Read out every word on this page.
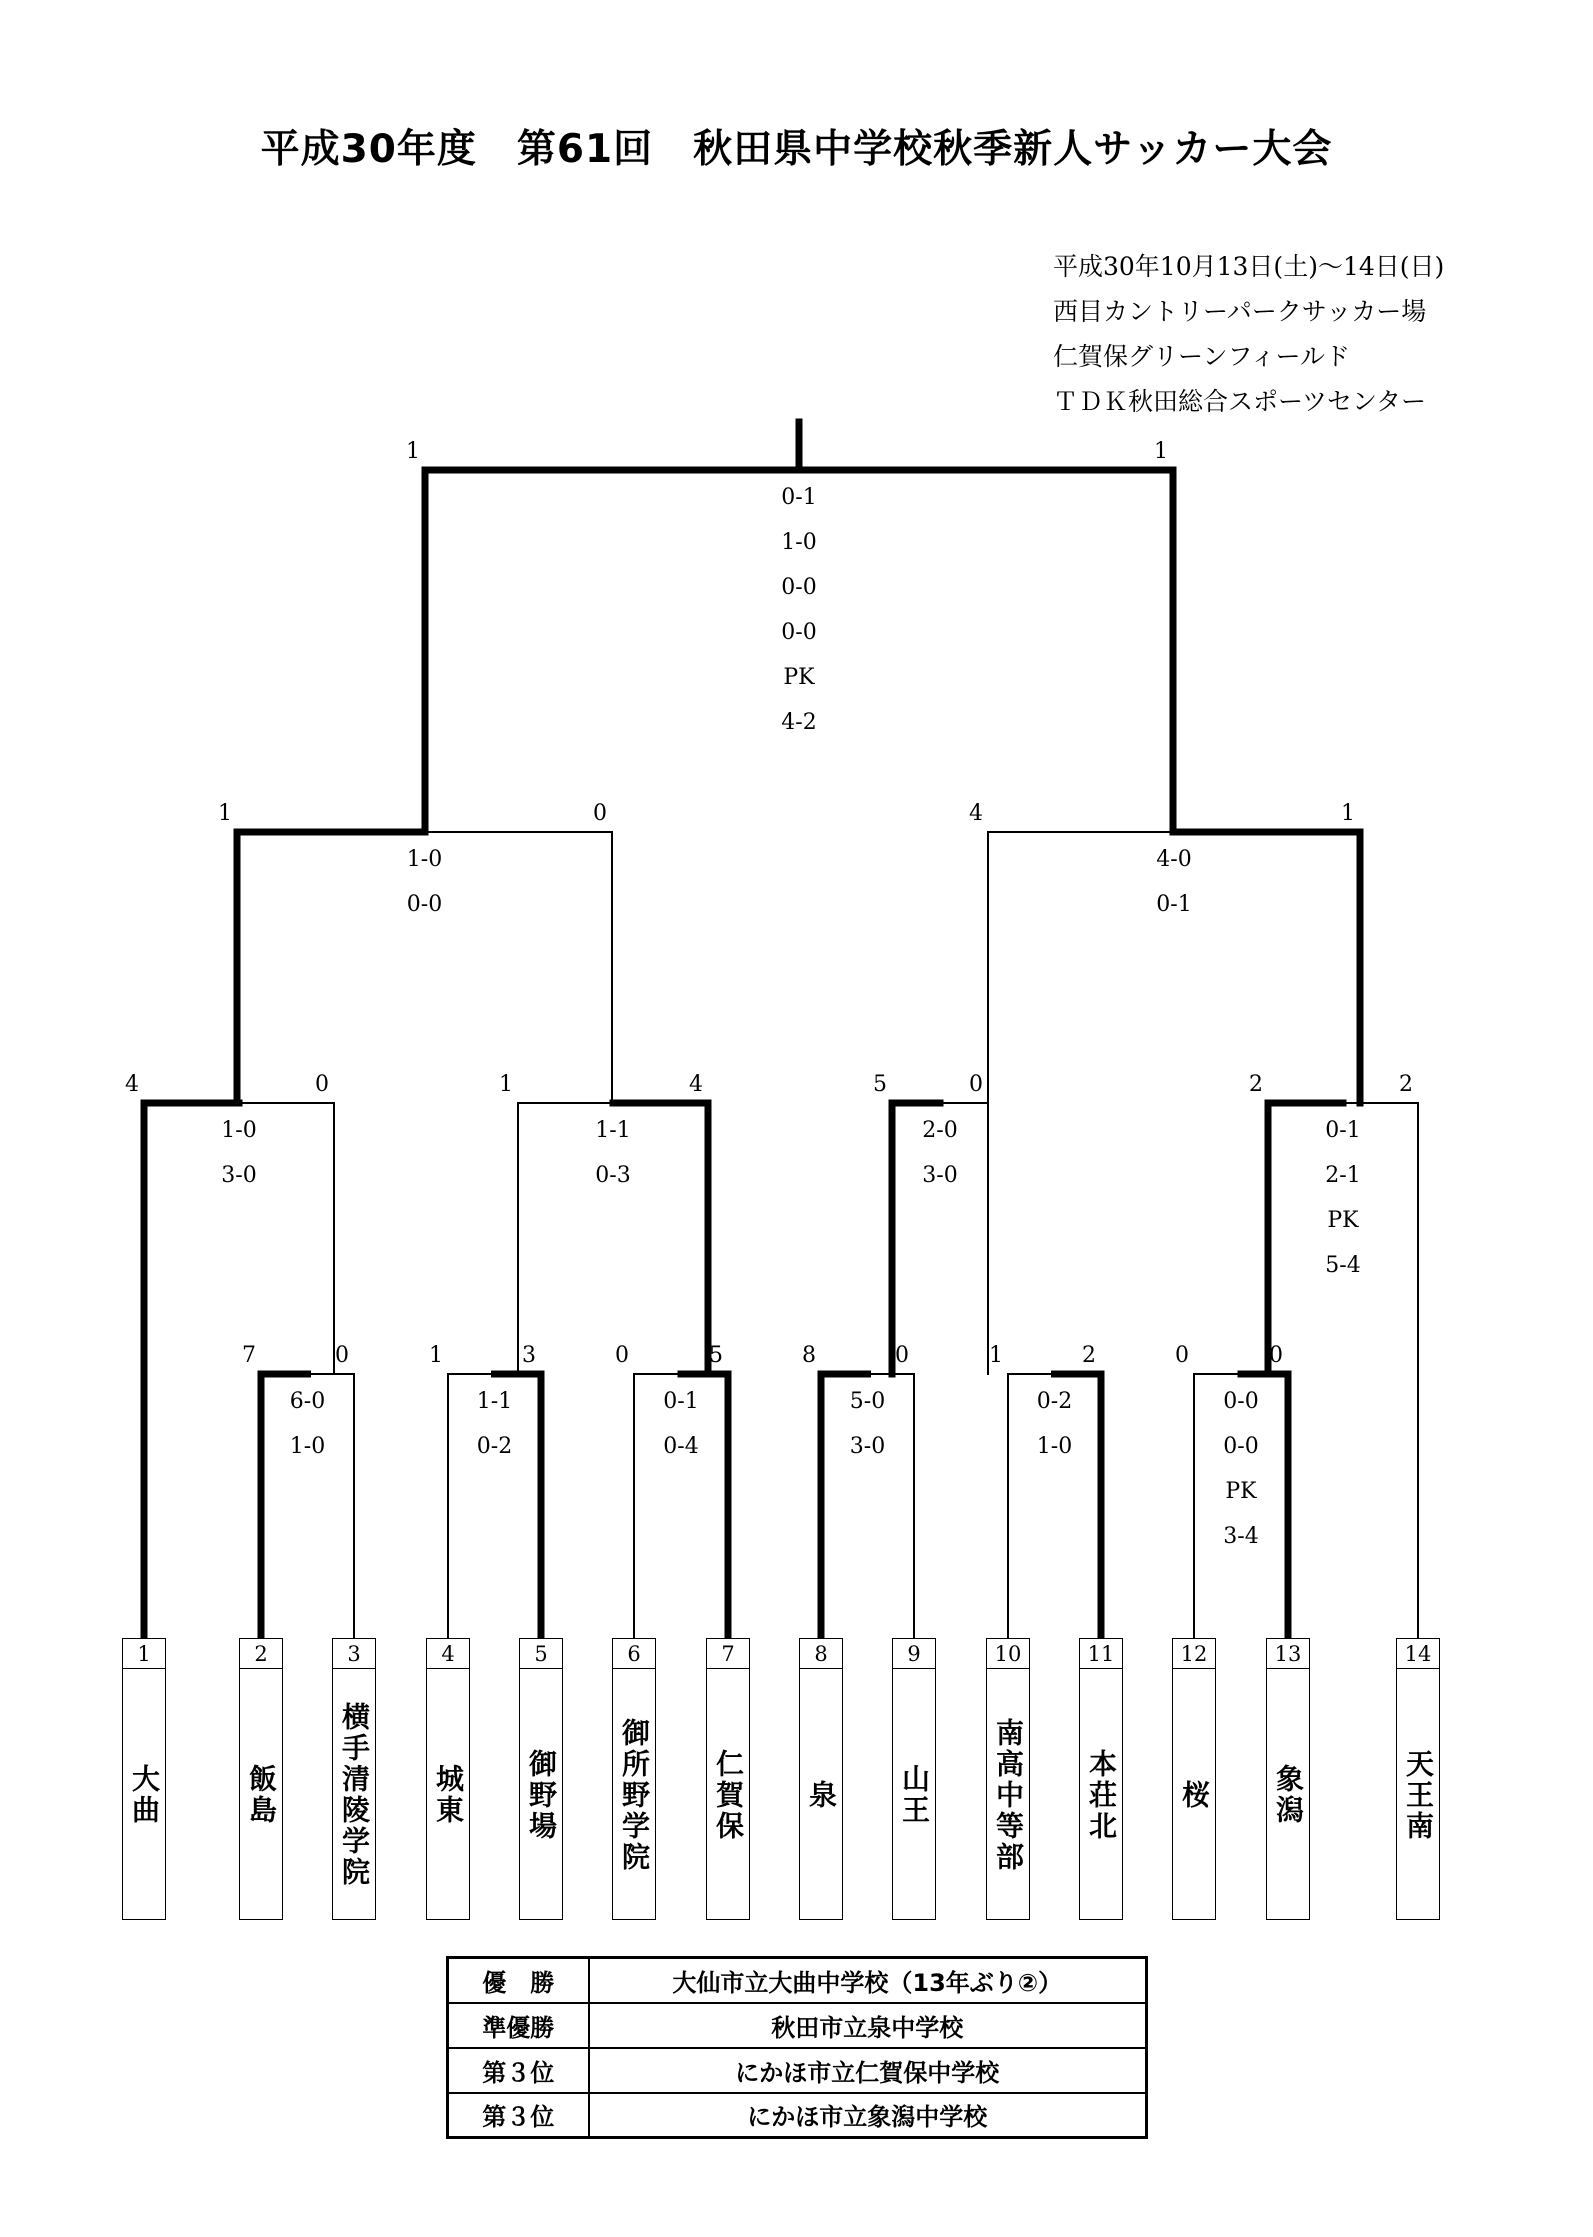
平成30年度　第61回　秋田県中学校秋季新人サッカー大会
平成30年10月13日(土)～14日(日)
西目カントリーパークサッカー場
仁賀保グリーンフィールド
ＴＤＫ秋田総合スポーツセンター
7	0
6-0
1-0
1	3
1-1
0-2
0	5
0-1
0-4
8	0
5-0
3-0
1	2
0-2
1-0
0	0
0-0
0-0
PK
3-4
4	0
1-0
3-0
1	4
1-1
0-3
5	0
2-0
3-0
2	2
0-1
2-1
PK
5-4
1	0
1-0
0-0
4	1
4-0
0-1
1	1
0-1
1-0
0-0
0-0
PK
4-2
1
大曲
2
飯島
3
横手清陵学院
4
城東
5
御野場
6
御所野学院
7
仁賀保
8
泉
9
山王
10
南高中等部
11
本荘北
12
桜
13
象潟
14
天王南
優　勝	大仙市立大曲中学校（13年ぶり②）
準優勝	秋田市立泉中学校
第３位	にかほ市立仁賀保中学校
第３位	にかほ市立象潟中学校
